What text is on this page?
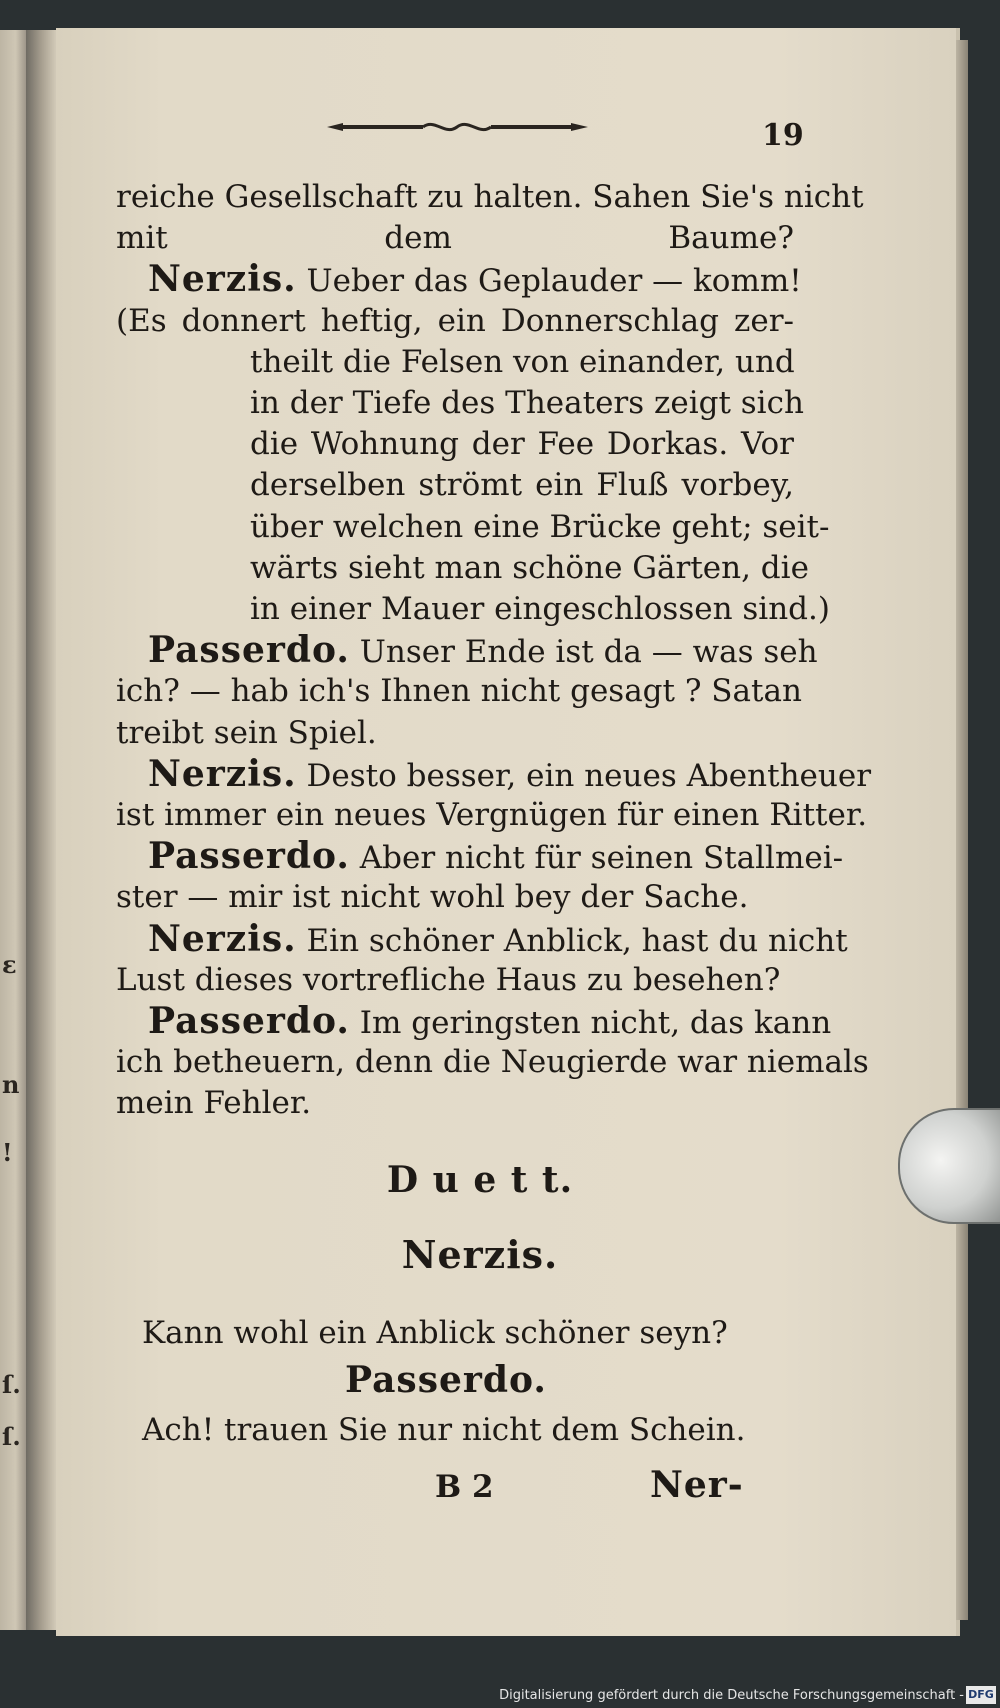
ɛ
n
!
ſ.
ſ.
19
reiche Gesellschaft zu halten. Sahen Sie's nicht
mit dem Baume?
Nerzis. Ueber das Geplauder — komm!
(Es donnert heftig, ein Donnerschlag zer-
theilt die Felsen von einander, und
in der Tiefe des Theaters zeigt sich
die Wohnung der Fee Dorkas. Vor
derselben strömt ein Fluß vorbey,
über welchen eine Brücke geht; seit-
wärts sieht man schöne Gärten, die
in einer Mauer eingeschlossen sind.)
Passerdo. Unser Ende ist da — was seh
ich? — hab ich's Ihnen nicht gesagt ? Satan
treibt sein Spiel.
Nerzis. Desto besser, ein neues Abentheuer
ist immer ein neues Vergnügen für einen Ritter.
Passerdo. Aber nicht für seinen Stallmei-
ster — mir ist nicht wohl bey der Sache.
Nerzis. Ein schöner Anblick, hast du nicht
Lust dieses vortrefliche Haus zu besehen?
Passerdo. Im geringsten nicht, das kann
ich betheuern, denn die Neugierde war niemals
mein Fehler.
D u e t t.
Nerzis.
Kann wohl ein Anblick schöner seyn?
Passerdo.
Ach! trauen Sie nur nicht dem Schein.
B 2	Ner-
Digitalisierung gefördert durch die Deutsche Forschungsgemeinschaft - DFG
